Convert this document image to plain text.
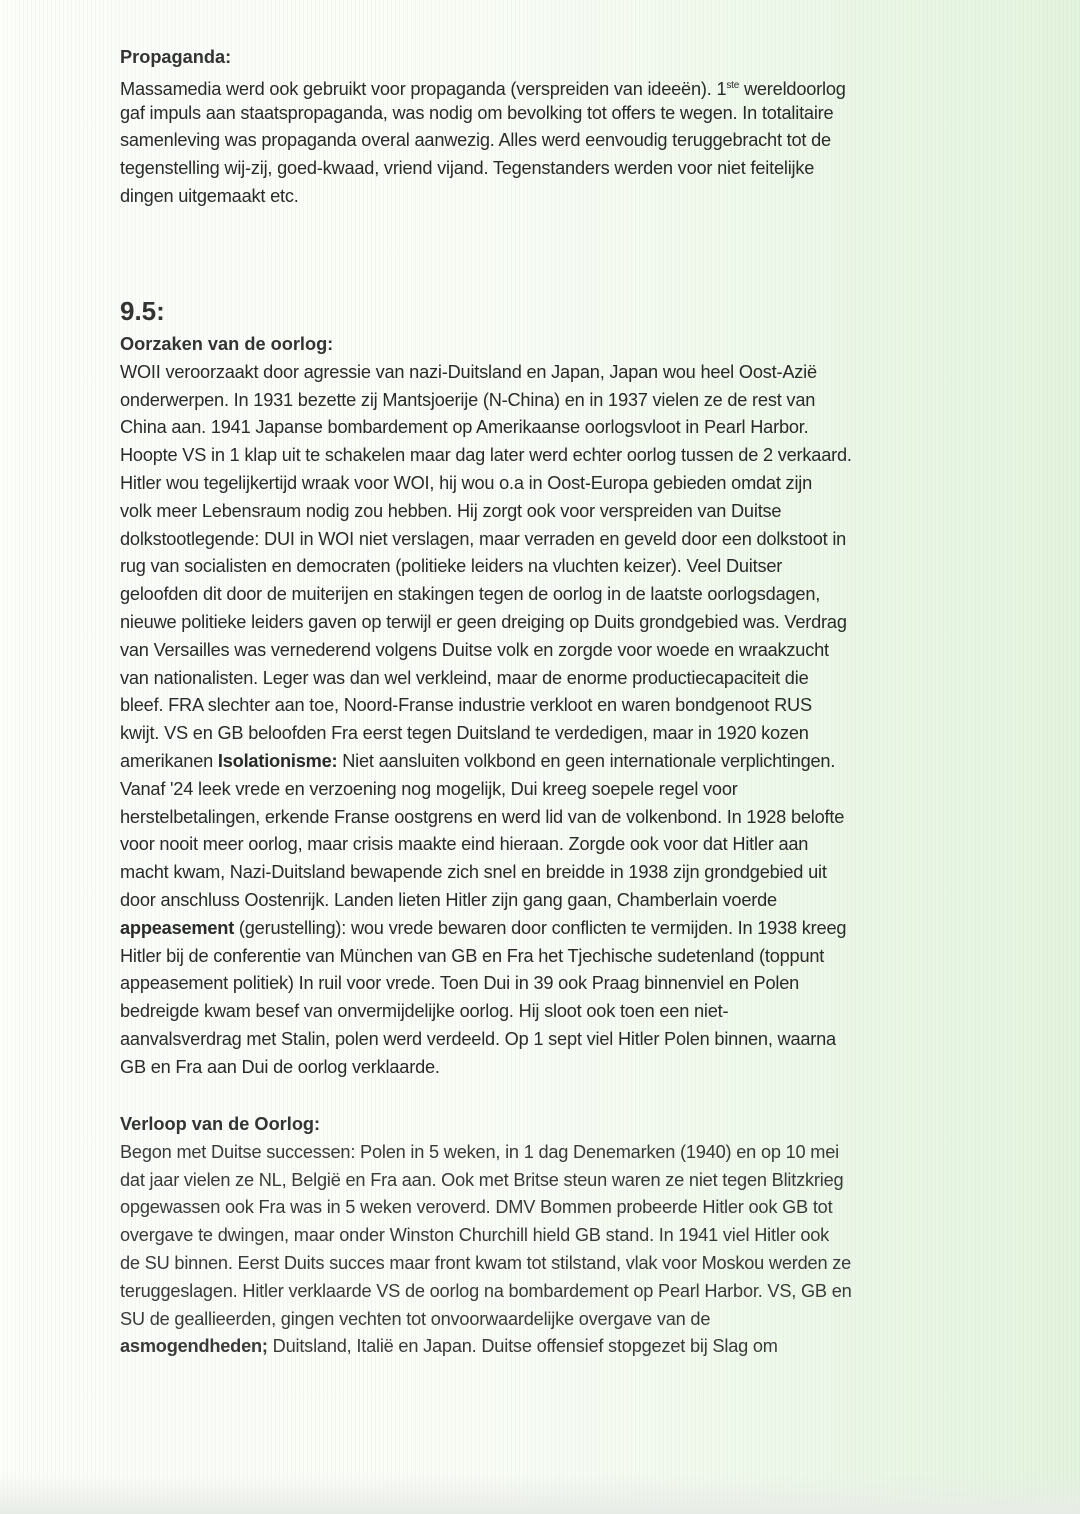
Propaganda:
Massamedia werd ook gebruikt voor propaganda (verspreiden van ideeën). 1ste wereldoorlog
gaf impuls aan staatspropaganda, was nodig om bevolking tot offers te wegen. In totalitaire
samenleving was propaganda overal aanwezig. Alles werd eenvoudig teruggebracht tot de
tegenstelling wij-zij, goed-kwaad, vriend vijand. Tegenstanders werden voor niet feitelijke
dingen uitgemaakt etc.
9.5:
Oorzaken van de oorlog:
WOII veroorzaakt door agressie van nazi-Duitsland en Japan, Japan wou heel Oost-Azië
onderwerpen. In 1931 bezette zij Mantsjoerije (N-China) en in 1937 vielen ze de rest van
China aan. 1941 Japanse bombardement op Amerikaanse oorlogsvloot in Pearl Harbor.
Hoopte VS in 1 klap uit te schakelen maar dag later werd echter oorlog tussen de 2 verkaard.
Hitler wou tegelijkertijd wraak voor WOI, hij wou o.a in Oost-Europa gebieden omdat zijn
volk meer Lebensraum nodig zou hebben. Hij zorgt ook voor verspreiden van Duitse
dolkstootlegende: DUI in WOI niet verslagen, maar verraden en geveld door een dolkstoot in
rug van socialisten en democraten (politieke leiders na vluchten keizer). Veel Duitser
geloofden dit door de muiterijen en stakingen tegen de oorlog in de laatste oorlogsdagen,
nieuwe politieke leiders gaven op terwijl er geen dreiging op Duits grondgebied was. Verdrag
van Versailles was vernederend volgens Duitse volk en zorgde voor woede en wraakzucht
van nationalisten. Leger was dan wel verkleind, maar de enorme productiecapaciteit die
bleef. FRA slechter aan toe, Noord-Franse industrie verkloot en waren bondgenoot RUS
kwijt. VS en GB beloofden Fra eerst tegen Duitsland te verdedigen, maar in 1920 kozen
amerikanen Isolationisme: Niet aansluiten volkbond en geen internationale verplichtingen.
Vanaf '24 leek vrede en verzoening nog mogelijk, Dui kreeg soepele regel voor
herstelbetalingen, erkende Franse oostgrens en werd lid van de volkenbond. In 1928 belofte
voor nooit meer oorlog, maar crisis maakte eind hieraan. Zorgde ook voor dat Hitler aan
macht kwam, Nazi-Duitsland bewapende zich snel en breidde in 1938 zijn grondgebied uit
door anschluss Oostenrijk. Landen lieten Hitler zijn gang gaan, Chamberlain voerde
appeasement (gerustelling): wou vrede bewaren door conflicten te vermijden. In 1938 kreeg
Hitler bij de conferentie van München van GB en Fra het Tjechische sudetenland (toppunt
appeasement politiek) In ruil voor vrede. Toen Dui in 39 ook Praag binnenviel en Polen
bedreigde kwam besef van onvermijdelijke oorlog. Hij sloot ook toen een niet-
aanvalsverdrag met Stalin, polen werd verdeeld. Op 1 sept viel Hitler Polen binnen, waarna
GB en Fra aan Dui de oorlog verklaarde.
Verloop van de Oorlog:
Begon met Duitse successen: Polen in 5 weken, in 1 dag Denemarken (1940) en op 10 mei
dat jaar vielen ze NL, België en Fra aan. Ook met Britse steun waren ze niet tegen Blitzkrieg
opgewassen ook Fra was in 5 weken veroverd. DMV Bommen probeerde Hitler ook GB tot
overgave te dwingen, maar onder Winston Churchill hield GB stand. In 1941 viel Hitler ook
de SU binnen. Eerst Duits succes maar front kwam tot stilstand, vlak voor Moskou werden ze
teruggeslagen. Hitler verklaarde VS de oorlog na bombardement op Pearl Harbor. VS, GB en
SU de geallieerden, gingen vechten tot onvoorwaardelijke overgave van de
asmogendheden; Duitsland, Italië en Japan. Duitse offensief stopgezet bij Slag om
